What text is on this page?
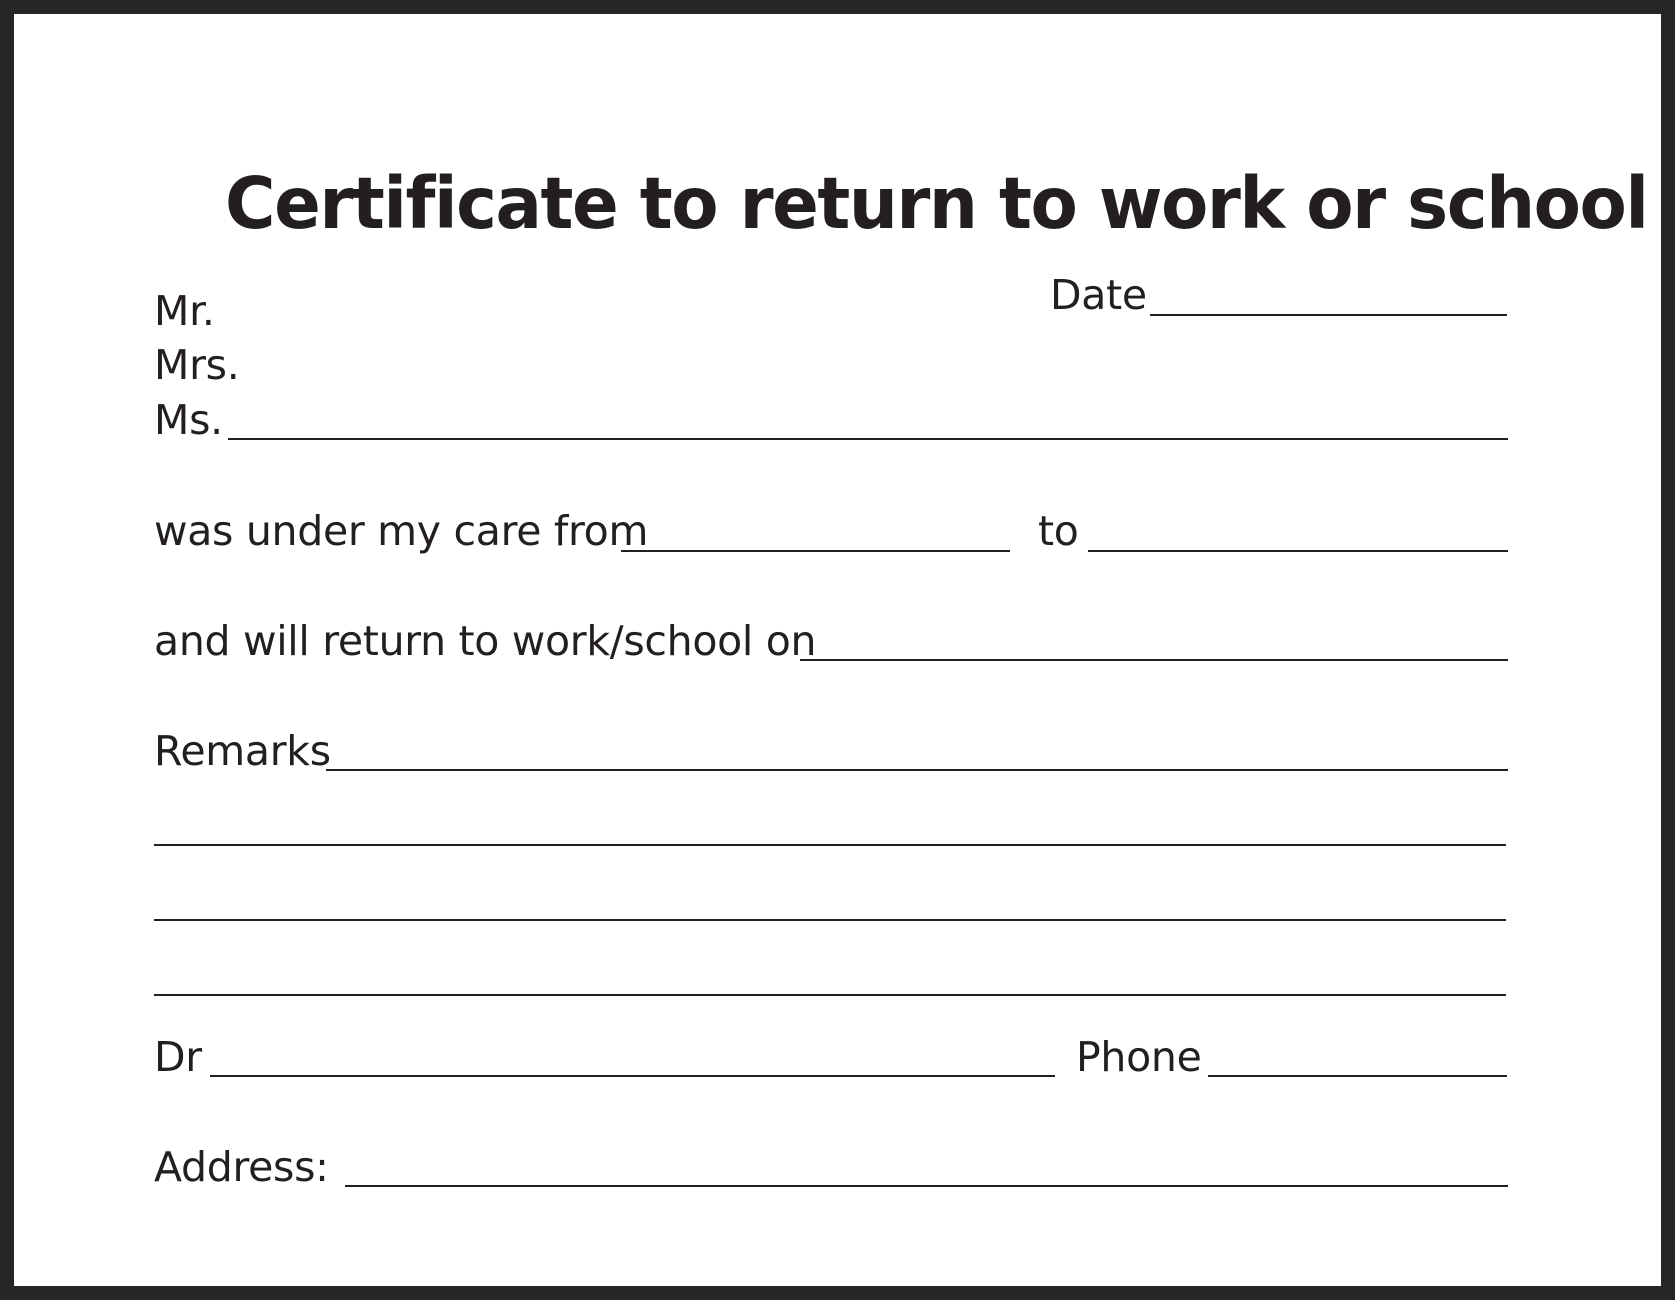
Certificate to return to work or school
Date
Mr.
Mrs.
Ms.
was under my care from	to
and will return to work/school on
Remarks
Dr	Phone
Address:
